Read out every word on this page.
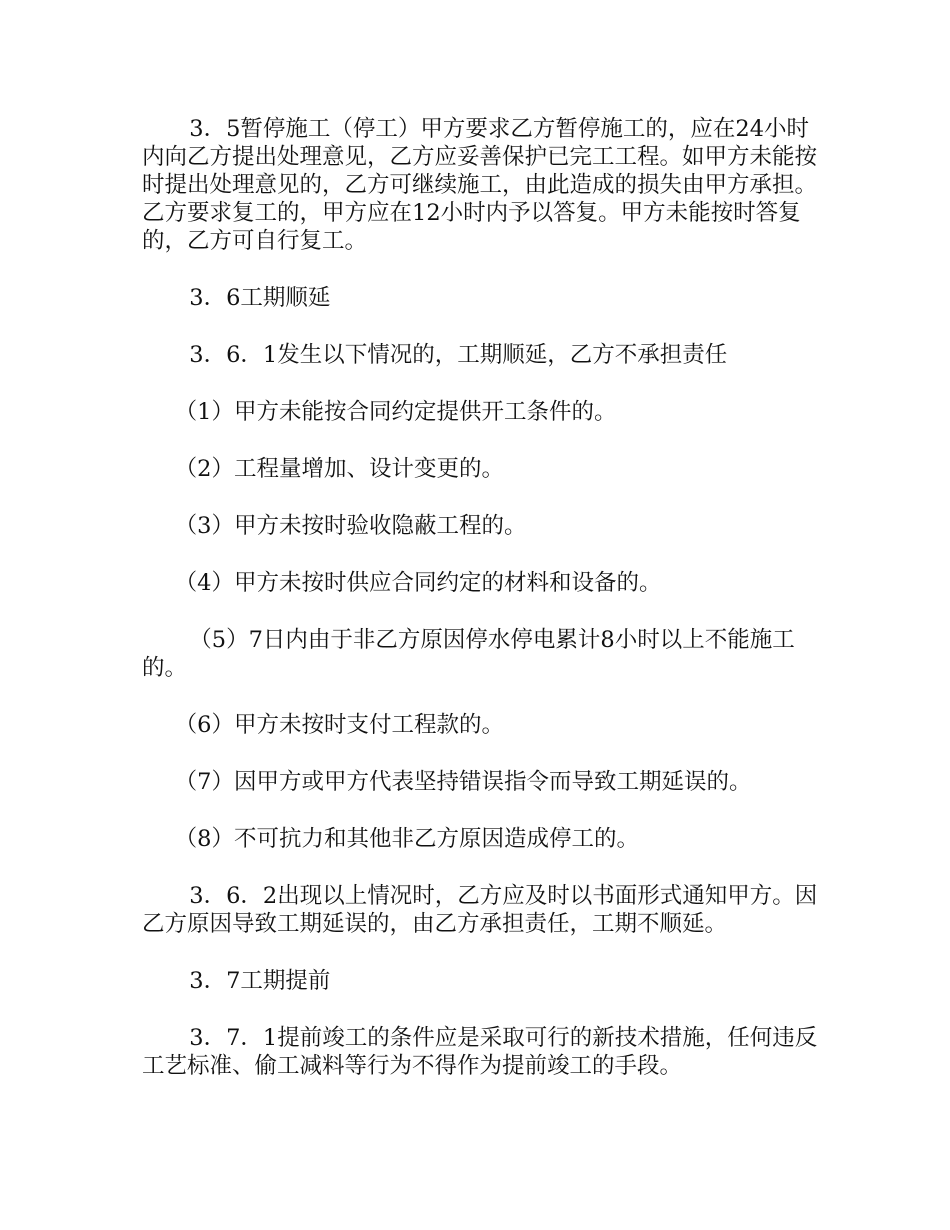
3．5暂停施工（停工）甲方要求乙方暂停施工的，应在24小时内向乙方提出处理意见，乙方应妥善保护已完工工程。如甲方未能按时提出处理意见的，乙方可继续施工，由此造成的损失由甲方承担。乙方要求复工的，甲方应在12小时内予以答复。甲方未能按时答复的，乙方可自行复工。

3．6工期顺延

3．6．1发生以下情况的，工期顺延，乙方不承担责任

（1）甲方未能按合同约定提供开工条件的。

（2）工程量增加、设计变更的。

（3）甲方未按时验收隐蔽工程的。

（4）甲方未按时供应合同约定的材料和设备的。

（5）7日内由于非乙方原因停水停电累计8小时以上不能施工的。

（6）甲方未按时支付工程款的。

（7）因甲方或甲方代表坚持错误指令而导致工期延误的。

（8）不可抗力和其他非乙方原因造成停工的。

3．6．2出现以上情况时，乙方应及时以书面形式通知甲方。因乙方原因导致工期延误的，由乙方承担责任，工期不顺延。

3．7工期提前

3．7．1提前竣工的条件应是采取可行的新技术措施，任何违反工艺标准、偷工减料等行为不得作为提前竣工的手段。
